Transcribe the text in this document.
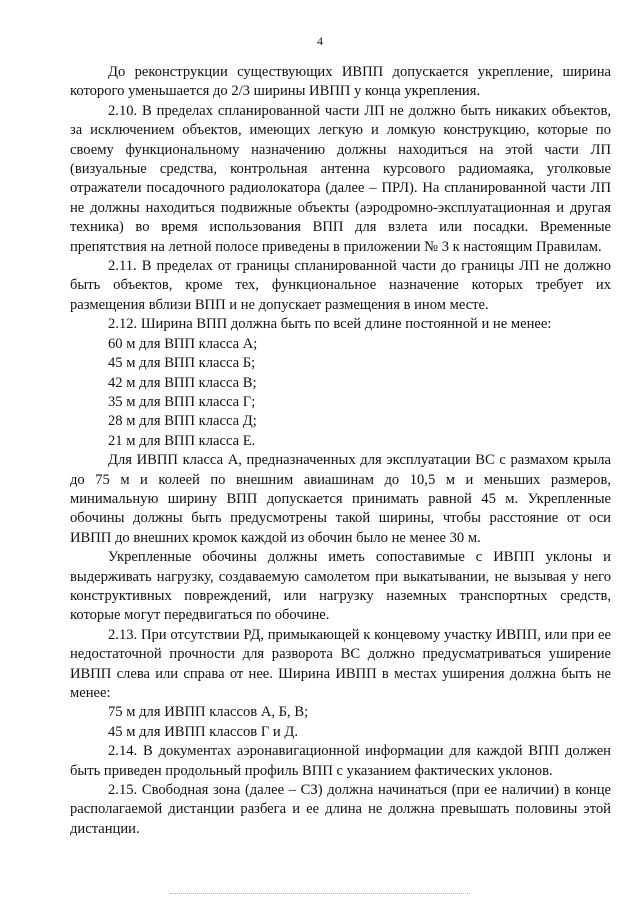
4

До реконструкции существующих ИВПП допускается укрепление, ширина которого уменьшается до 2/3 ширины ИВПП у конца укрепления.

2.10. В пределах спланированной части ЛП не должно быть никаких объектов, за исключением объектов, имеющих легкую и ломкую конструкцию, которые по своему функциональному назначению должны находиться на этой части ЛП (визуальные средства, контрольная антенна курсового радиомаяка, уголковые отражатели посадочного радиолокатора (далее – ПРЛ). На спланированной части ЛП не должны находиться подвижные объекты (аэродромно-эксплуатационная и другая техника) во время использования ВПП для взлета или посадки. Временные препятствия на летной полосе приведены в приложении № 3 к настоящим Правилам.

2.11. В пределах от границы спланированной части до границы ЛП не должно быть объектов, кроме тех, функциональное назначение которых требует их размещения вблизи ВПП и не допускает размещения в ином месте.

2.12. Ширина ВПП должна быть по всей длине постоянной и не менее:

60 м для ВПП класса А;

45 м для ВПП класса Б;

42 м для ВПП класса В;

35 м для ВПП класса Г;

28 м для ВПП класса Д;

21 м для ВПП класса Е.

Для ИВПП класса А, предназначенных для эксплуатации ВС с размахом крыла до 75 м и колеей по внешним авиашинам до 10,5 м и меньших размеров, минимальную ширину ВПП допускается принимать равной 45 м. Укрепленные обочины должны быть предусмотрены такой ширины, чтобы расстояние от оси ИВПП до внешних кромок каждой из обочин было не менее 30 м.

Укрепленные обочины должны иметь сопоставимые с ИВПП уклоны и выдерживать нагрузку, создаваемую самолетом при выкатывании, не вызывая у него конструктивных повреждений, или нагрузку наземных транспортных средств, которые могут передвигаться по обочине.

2.13. При отсутствии РД, примыкающей к концевому участку ИВПП, или при ее недостаточной прочности для разворота ВС должно предусматриваться уширение ИВПП слева или справа от нее. Ширина ИВПП в местах уширения должна быть не менее:

75 м для ИВПП классов А, Б, В;

45 м для ИВПП классов Г и Д.

2.14. В документах аэронавигационной информации для каждой ВПП должен быть приведен продольный профиль ВПП с указанием фактических уклонов.

2.15. Свободная зона (далее – СЗ) должна начинаться (при ее наличии) в конце располагаемой дистанции разбега и ее длина не должна превышать половины этой дистанции.
